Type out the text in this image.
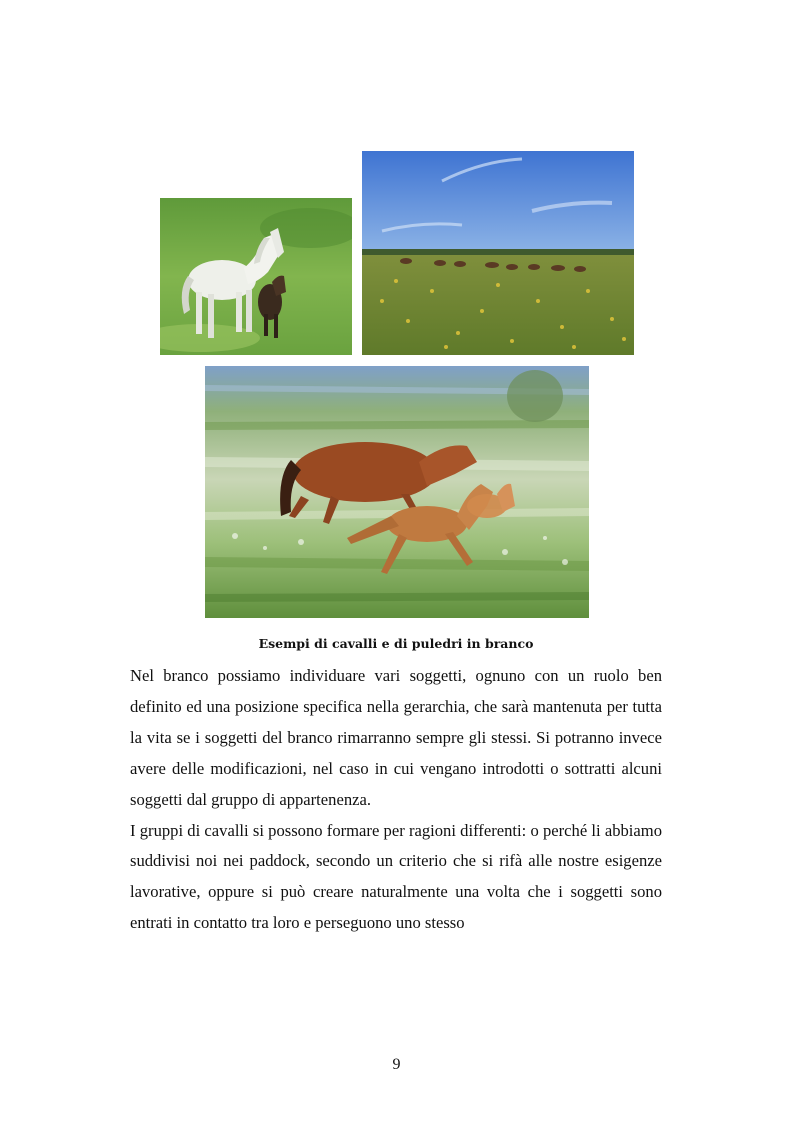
Esempi di cavalli e di puledri in branco

Nel branco possiamo individuare vari soggetti, ognuno con un ruolo ben definito ed una posizione specifica nella gerarchia, che sarà mantenuta per tutta la vita se i soggetti del branco rimarranno sempre gli stessi. Si potranno invece avere delle modificazioni, nel caso in cui vengano introdotti o sottratti alcuni soggetti dal gruppo di appartenenza.

I gruppi di cavalli si possono formare per ragioni differenti: o perché li abbiamo suddivisi noi nei paddock, secondo un criterio che si rifà alle nostre esigenze lavorative, oppure si può creare naturalmente una volta che i soggetti sono entrati in contatto tra loro e perseguono uno stesso

9
